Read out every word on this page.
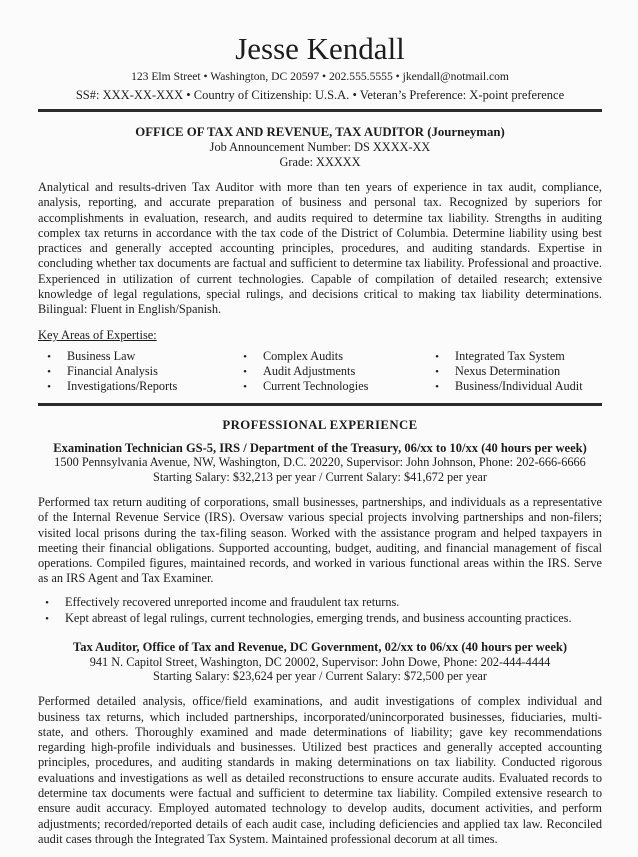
Jesse Kendall

123 Elm Street • Washington, DC 20597 • 202.555.5555 • jkendall@notmail.com

SS#: XXX-XX-XXX • Country of Citizenship: U.S.A. • Veteran’s Preference: X-point preference

OFFICE OF TAX AND REVENUE, TAX AUDITOR (Journeyman)

Job Announcement Number: DS XXXX-XX

Grade: XXXXX

Analytical and results-driven Tax Auditor with more than ten years of experience in tax audit, compliance, analysis, reporting, and accurate preparation of business and personal tax. Recognized by superiors for accomplishments in evaluation, research, and audits required to determine tax liability. Strengths in auditing complex tax returns in accordance with the tax code of the District of Columbia. Determine liability using best practices and generally accepted accounting principles, procedures, and auditing standards. Expertise in concluding whether tax documents are factual and sufficient to determine tax liability. Professional and proactive. Experienced in utilization of current technologies. Capable of compilation of detailed research; extensive knowledge of legal regulations, special rulings, and decisions critical to making tax liability determinations. Bilingual: Fluent in English/Spanish.

Key Areas of Expertise:

• Business Law
• Financial Analysis
• Investigations/Reports
• Complex Audits
• Audit Adjustments
• Current Technologies
• Integrated Tax System
• Nexus Determination
• Business/Individual Audit
PROFESSIONAL EXPERIENCE

Examination Technician GS-5, IRS / Department of the Treasury, 06/xx to 10/xx (40 hours per week)

1500 Pennsylvania Avenue, NW, Washington, D.C. 20220, Supervisor: John Johnson, Phone: 202-666-6666

Starting Salary: $32,213 per year / Current Salary: $41,672 per year

Performed tax return auditing of corporations, small businesses, partnerships, and individuals as a representative of the Internal Revenue Service (IRS). Oversaw various special projects involving partnerships and non-filers; visited local prisons during the tax-filing season. Worked with the assistance program and helped taxpayers in meeting their financial obligations. Supported accounting, budget, auditing, and financial management of fiscal operations. Compiled figures, maintained records, and worked in various functional areas within the IRS. Serve as an IRS Agent and Tax Examiner.

• Effectively recovered unreported income and fraudulent tax returns.
• Kept abreast of legal rulings, current technologies, emerging trends, and business accounting practices.

Tax Auditor, Office of Tax and Revenue, DC Government, 02/xx to 06/xx (40 hours per week)

941 N. Capitol Street, Washington, DC 20002, Supervisor: John Dowe, Phone: 202-444-4444

Starting Salary: $23,624 per year / Current Salary: $72,500 per year

Performed detailed analysis, office/field examinations, and audit investigations of complex individual and business tax returns, which included partnerships, incorporated/unincorporated businesses, fiduciaries, multi-state, and others. Thoroughly examined and made determinations of liability; gave key recommendations regarding high-profile individuals and businesses. Utilized best practices and generally accepted accounting principles, procedures, and auditing standards in making determinations on tax liability. Conducted rigorous evaluations and investigations as well as detailed reconstructions to ensure accurate audits. Evaluated records to determine tax documents were factual and sufficient to determine tax liability. Compiled extensive research to ensure audit accuracy. Employed automated technology to develop audits, document activities, and perform adjustments; recorded/reported details of each audit case, including deficiencies and applied tax law. Reconciled audit cases through the Integrated Tax System. Maintained professional decorum at all times.
